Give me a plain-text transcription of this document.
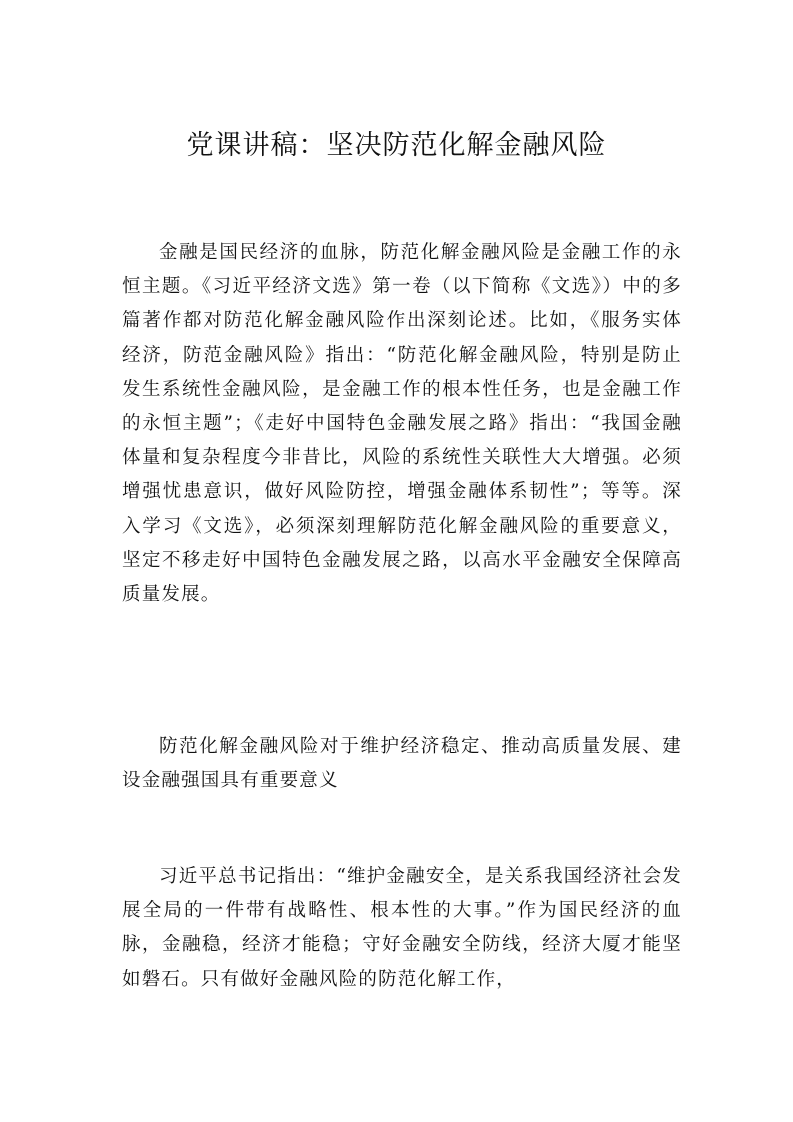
党课讲稿：坚决防范化解金融风险

金融是国民经济的血脉，防范化解金融风险是金融工作的永恒主题。《习近平经济文选》第一卷（以下简称《文选》）中的多篇著作都对防范化解金融风险作出深刻论述。比如，《服务实体经济，防范金融风险》指出：“防范化解金融风险，特别是防止发生系统性金融风险，是金融工作的根本性任务，也是金融工作的永恒主题”；《走好中国特色金融发展之路》指出：“我国金融体量和复杂程度今非昔比，风险的系统性关联性大大增强。必须增强忧患意识，做好风险防控，增强金融体系韧性”；等等。深入学习《文选》，必须深刻理解防范化解金融风险的重要意义，坚定不移走好中国特色金融发展之路，以高水平金融安全保障高质量发展。

防范化解金融风险对于维护经济稳定、推动高质量发展、建设金融强国具有重要意义

习近平总书记指出：“维护金融安全，是关系我国经济社会发展全局的一件带有战略性、根本性的大事。”作为国民经济的血脉，金融稳，经济才能稳；守好金融安全防线，经济大厦才能坚如磐石。只有做好金融风险的防范化解工作，
